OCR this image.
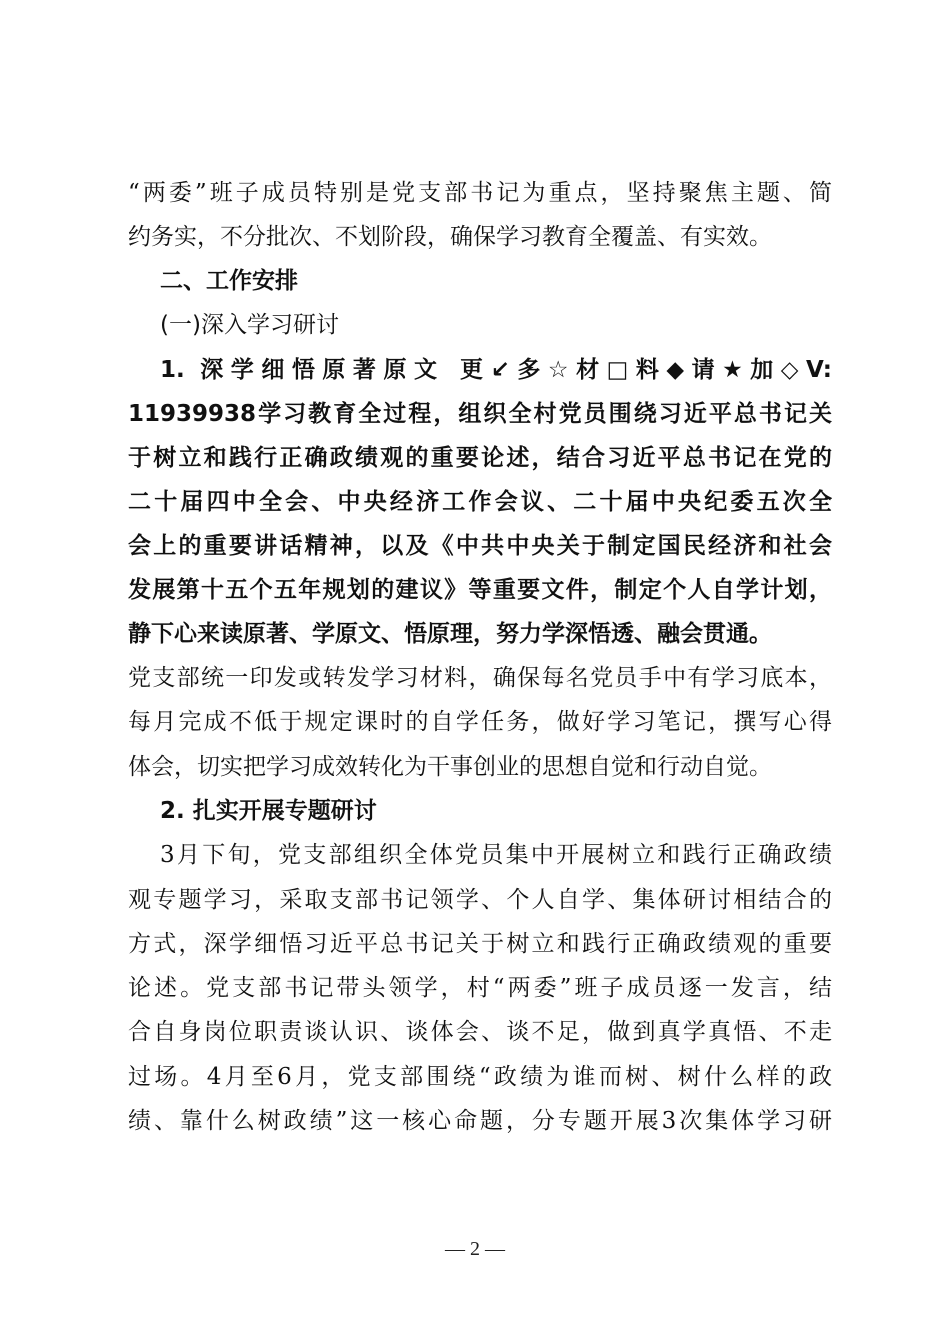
“两委”班子成员特别是党支部书记为重点，坚持聚焦主题、简
约务实，不分批次、不划阶段，确保学习教育全覆盖、有实效。
二、工作安排
(一)深入学习研讨
1. 深学细悟原著原文 更↙多☆材□料◆请★加◇V:
11939938学习教育全过程，组织全村党员围绕习近平总书记关
于树立和践行正确政绩观的重要论述，结合习近平总书记在党的
二十届四中全会、中央经济工作会议、二十届中央纪委五次全
会上的重要讲话精神，以及《中共中央关于制定国民经济和社会
发展第十五个五年规划的建议》等重要文件，制定个人自学计划，
静下心来读原著、学原文、悟原理，努力学深悟透、融会贯通。
党支部统一印发或转发学习材料，确保每名党员手中有学习底本，
每月完成不低于规定课时的自学任务，做好学习笔记，撰写心得
体会，切实把学习成效转化为干事创业的思想自觉和行动自觉。
2. 扎实开展专题研讨
3月下旬，党支部组织全体党员集中开展树立和践行正确政绩
观专题学习，采取支部书记领学、个人自学、集体研讨相结合的
方式，深学细悟习近平总书记关于树立和践行正确政绩观的重要
论述。党支部书记带头领学，村“两委”班子成员逐一发言，结
合自身岗位职责谈认识、谈体会、谈不足，做到真学真悟、不走
过场。4月至6月，党支部围绕“政绩为谁而树、树什么样的政
绩、靠什么树政绩”这一核心命题，分专题开展3次集体学习研
— 2 —
